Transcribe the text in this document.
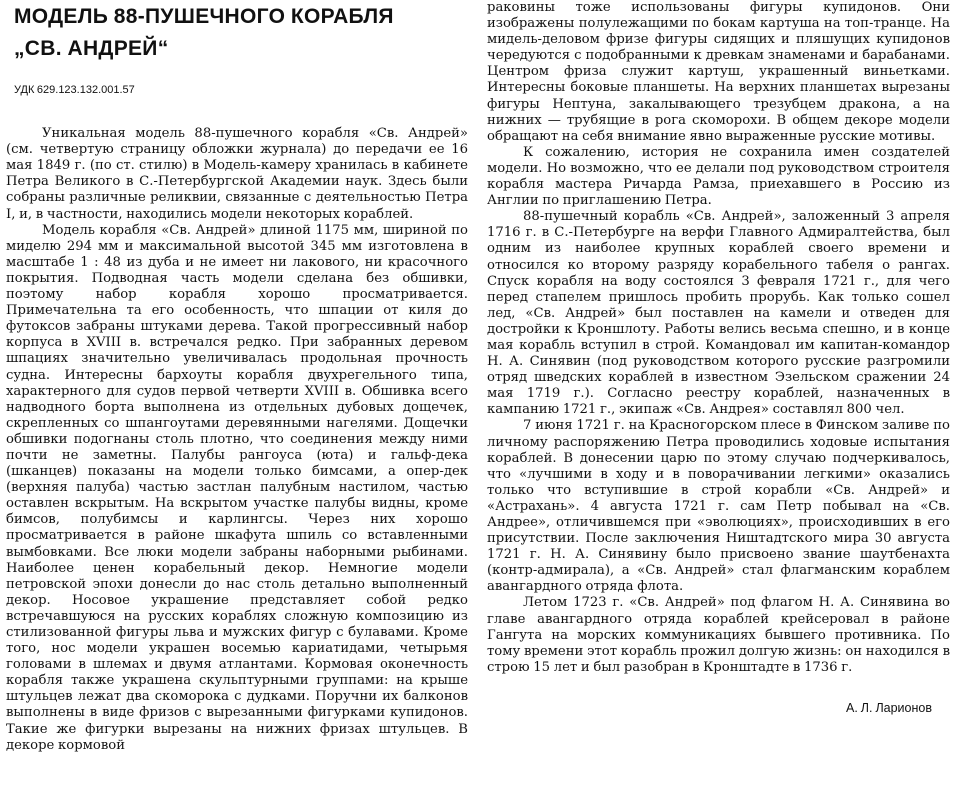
МОДЕЛЬ 88-ПУШЕЧНОГО КОРАБЛЯ
„СВ. АНДРЕЙ“
УДК 629.123.132.001.57

Уникальная модель 88-пушечного корабля «Св. Андрей» (см. четвертую страницу обложки журнала) до передачи ее 16 мая 1849 г. (по ст. стилю) в Модель-камеру хранилась в кабинете Петра Великого в С.-Петербургской Академии наук. Здесь были собраны различные реликвии, связанные с деятельностью Петра I, и, в частности, находились модели некоторых кораблей.

Модель корабля «Св. Андрей» длиной 1175 мм, шириной по миделю 294 мм и максимальной высотой 345 мм изготовлена в масштабе 1 : 48 из дуба и не имеет ни лакового, ни красочного покрытия. Подводная часть модели сделана без обшивки, поэтому набор корабля хорошо просматривается. Примечательна та его особенность, что шпации от киля до футоксов забраны штуками дерева. Такой прогрессивный набор корпуса в XVIII в. встречался редко. При забранных деревом шпациях значительно увеличивалась продольная прочность судна. Интересны бархоуты корабля двухрегельного типа, характерного для судов первой четверти XVIII в. Обшивка всего надводного борта выполнена из отдельных дубовых дощечек, скрепленных со шпангоутами деревянными нагелями. Дощечки обшивки подогнаны столь плотно, что соединения между ними почти не заметны. Палубы рангоуса (юта) и гальф-дека (шканцев) показаны на модели только бимсами, а опер-дек (верхняя палуба) частью застлан палубным настилом, частью оставлен вскрытым. На вскрытом участке палубы видны, кроме бимсов, полубимсы и карлингсы. Через них хорошо просматривается в районе шкафута шпиль со вставленными вымбовками. Все люки модели забраны наборными рыбинами. Наиболее ценен корабельный декор. Немногие модели петровской эпохи донесли до нас столь детально выполненный декор. Носовое украшение представляет собой редко встречавшуюся на русских кораблях сложную композицию из стилизованной фигуры льва и мужских фигур с булавами. Кроме того, нос модели украшен восемью кариатидами, четырьмя головами в шлемах и двумя атлантами. Кормовая оконечность корабля также украшена скульптурными группами: на крыше штульцев лежат два скоморока с дудками. Поручни их балконов выполнены в виде фризов с вырезанными фигурками купидонов. Такие же фигурки вырезаны на нижних фризах штульцев. В декоре кормовой

раковины тоже использованы фигуры купидонов. Они изображены полулежащими по бокам картуша на топ-транце. На мидель-деловом фризе фигуры сидящих и пляшущих купидонов чередуются с подобранными к древкам знаменами и барабанами. Центром фриза служит картуш, украшенный виньетками. Интересны боковые планшеты. На верхних планшетах вырезаны фигуры Нептуна, закалывающего трезубцем дракона, а на нижних — трубящие в рога скоморохи. В общем декоре модели обращают на себя внимание явно выраженные русские мотивы.

К сожалению, история не сохранила имен создателей модели. Но возможно, что ее делали под руководством строителя корабля мастера Ричарда Рамза, приехавшего в Россию из Англии по приглашению Петра.

88-пушечный корабль «Св. Андрей», заложенный 3 апреля 1716 г. в С.-Петербурге на верфи Главного Адмиралтейства, был одним из наиболее крупных кораблей своего времени и относился ко второму разряду корабельного табеля о рангах. Спуск корабля на воду состоялся 3 февраля 1721 г., для чего перед стапелем пришлось пробить прорубь. Как только сошел лед, «Св. Андрей» был поставлен на камели и отведен для достройки к Кроншлоту. Работы велись весьма спешно, и в конце мая корабль вступил в строй. Командовал им капитан-командор Н. А. Синявин (под руководством которого русские разгромили отряд шведских кораблей в известном Эзельском сражении 24 мая 1719 г.). Согласно реестру кораблей, назначенных в кампанию 1721 г., экипаж «Св. Андрея» составлял 800 чел.

7 июня 1721 г. на Красногорском плесе в Финском заливе по личному распоряжению Петра проводились ходовые испытания кораблей. В донесении царю по этому случаю подчеркивалось, что «лучшими в ходу и в поворачивании легкими» оказались только что вступившие в строй корабли «Св. Андрей» и «Астрахань». 4 августа 1721 г. сам Петр побывал на «Св. Андрее», отличившемся при «эволюциях», происходивших в его присутствии. После заключения Ништадтского мира 30 августа 1721 г. Н. А. Синявину было присвоено звание шаутбенахта (контр-адмирала), а «Св. Андрей» стал флагманским кораблем авангардного отряда флота.

Летом 1723 г. «Св. Андрей» под флагом Н. А. Синявина во главе авангардного отряда кораблей крейсеровал в районе Гангута на морских коммуникациях бывшего противника. По тому времени этот корабль прожил долгую жизнь: он находился в строю 15 лет и был разобран в Кронштадте в 1736 г.

А. Л. Ларионов
